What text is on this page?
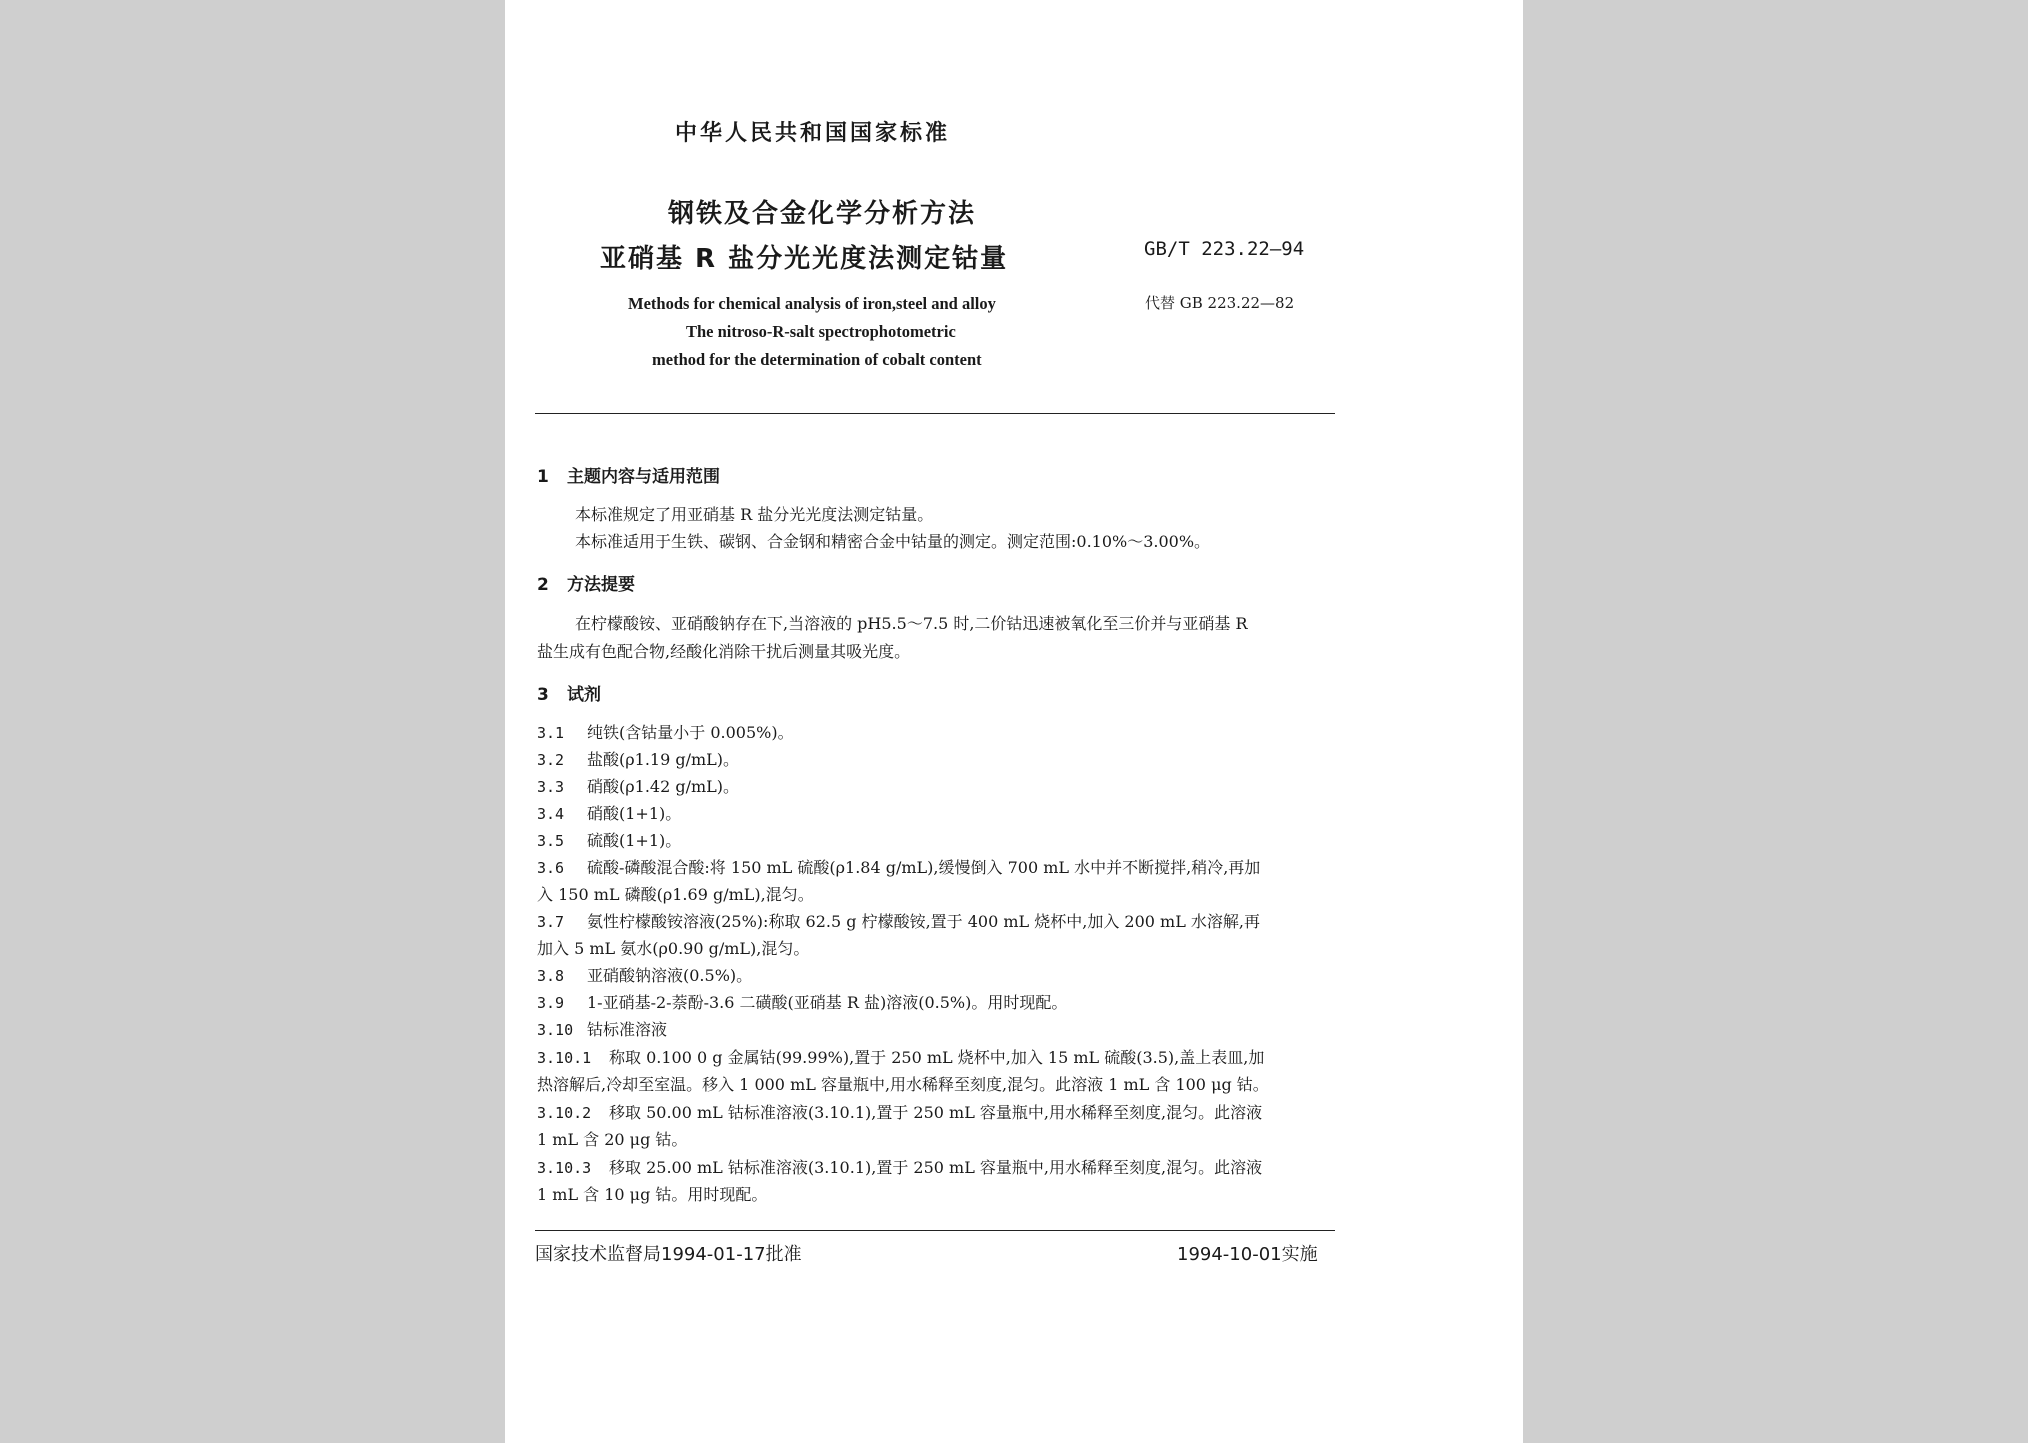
中华人民共和国国家标准
钢铁及合金化学分析方法
亚硝基 R 盐分光光度法测定钴量	GB/T 223.22—94
代替 GB 223.22—82
Methods for chemical analysis of iron,steel and alloy
The nitroso-R-salt spectrophotometric
method for the determination of cobalt content
1 主题内容与适用范围
本标准规定了用亚硝基 R 盐分光光度法测定钴量。
本标准适用于生铁、碳钢、合金钢和精密合金中钴量的测定。测定范围:0.10%～3.00%。
2 方法提要
在柠檬酸铵、亚硝酸钠存在下,当溶液的 pH5.5～7.5 时,二价钴迅速被氧化至三价并与亚硝基 R
盐生成有色配合物,经酸化消除干扰后测量其吸光度。
3 试剂
3.1 纯铁(含钴量小于 0.005%)。
3.2 盐酸(ρ1.19 g/mL)。
3.3 硝酸(ρ1.42 g/mL)。
3.4 硝酸(1+1)。
3.5 硫酸(1+1)。
3.6 硫酸-磷酸混合酸:将 150 mL 硫酸(ρ1.84 g/mL),缓慢倒入 700 mL 水中并不断搅拌,稍冷,再加
入 150 mL 磷酸(ρ1.69 g/mL),混匀。
3.7 氨性柠檬酸铵溶液(25%):称取 62.5 g 柠檬酸铵,置于 400 mL 烧杯中,加入 200 mL 水溶解,再
加入 5 mL 氨水(ρ0.90 g/mL),混匀。
3.8 亚硝酸钠溶液(0.5%)。
3.9 1-亚硝基-2-萘酚-3.6 二磺酸(亚硝基 R 盐)溶液(0.5%)。用时现配。
3.10 钴标准溶液
3.10.1 称取 0.100 0 g 金属钴(99.99%),置于 250 mL 烧杯中,加入 15 mL 硫酸(3.5),盖上表皿,加
热溶解后,冷却至室温。移入 1 000 mL 容量瓶中,用水稀释至刻度,混匀。此溶液 1 mL 含 100 μg 钴。
3.10.2 移取 50.00 mL 钴标准溶液(3.10.1),置于 250 mL 容量瓶中,用水稀释至刻度,混匀。此溶液
1 mL 含 20 μg 钴。
3.10.3 移取 25.00 mL 钴标准溶液(3.10.1),置于 250 mL 容量瓶中,用水稀释至刻度,混匀。此溶液
1 mL 含 10 μg 钴。用时现配。
国家技术监督局1994-01-17批准	1994-10-01实施
